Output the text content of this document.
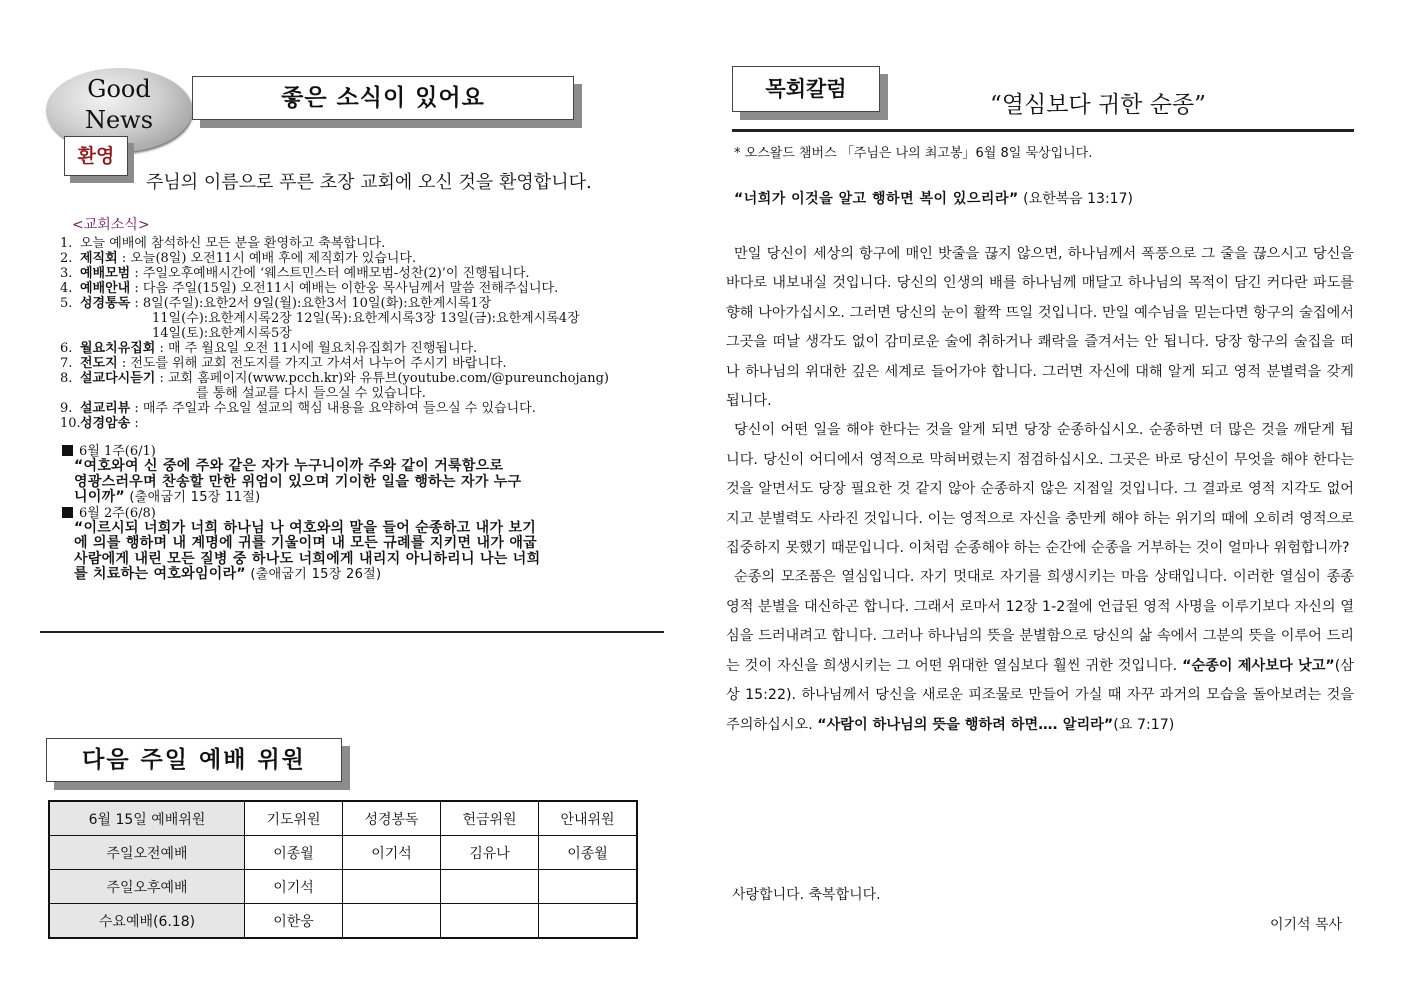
Good
News
좋은 소식이 있어요
환영
주님의 이름으로 푸른 초장 교회에 오신 것을 환영합니다.
<교회소식>
1. 오늘 예배에 참석하신 모든 분을 환영하고 축복합니다.
2. 제직회 : 오늘(8일) 오전11시 예배 후에 제직회가 있습니다.
3. 예배모범 : 주일오후예배시간에 ‘웨스트민스터 예배모범-성찬(2)’이 진행됩니다.
4. 예배안내 : 다음 주일(15일) 오전11시 예배는 이한웅 목사님께서 말씀 전해주십니다.
5. 성경통독 : 8일(주일):요한2서 9일(월):요한3서 10일(화):요한계시록1장
11일(수):요한계시록2장 12일(목):요한계시록3장 13일(금):요한계시록4장
14일(토):요한계시록5장
6. 월요치유집회 : 매 주 월요일 오전 11시에 월요치유집회가 진행됩니다.
7. 전도지 : 전도를 위해 교회 전도지를 가지고 가셔서 나누어 주시기 바랍니다.
8. 설교다시듣기 : 교회 홈페이지(www.pcch.kr)와 유튜브(youtube.com/@pureunchojang)
를 통해 설교를 다시 들으실 수 있습니다.
9. 설교리뷰 : 매주 주일과 수요일 설교의 핵심 내용을 요약하여 들으실 수 있습니다.
10.성경암송 :
6월 1주(6/1)

“여호와여 신 중에 주와 같은 자가 누구니이까 주와 같이 거룩함으로
영광스러우며 찬송할 만한 위엄이 있으며 기이한 일을 행하는 자가 누구
니이까” (출애굽기 15장 11절)

6월 2주(6/8)

“이르시되 너희가 너희 하나님 나 여호와의 말을 들어 순종하고 내가 보기
에 의를 행하며 내 계명에 귀를 기울이며 내 모든 규례를 지키면 내가 애굽
사람에게 내린 모든 질병 중 하나도 너희에게 내리지 아니하리니 나는 너희
를 치료하는 여호와임이라” (출애굽기 15장 26절)

다음 주일 예배 위원
6월 15일 예배위원	기도위원	성경봉독	헌금위원	안내위원
주일오전예배	이종월	이기석	김유나	이종월
주일오후예배	이기석			
수요예배(6.18)	이한웅			
목회칼럼
“열심보다 귀한 순종”
* 오스왈드 챔버스 「주님은 나의 최고봉」6월 8일 묵상입니다.
“너희가 이것을 알고 행하면 복이 있으리라” (요한복음 13:17)

만일 당신이 세상의 항구에 매인 밧줄을 끊지 않으면, 하나님께서 폭풍으로 그 줄을 끊으시고 당신을 바다로 내보내실 것입니다. 당신의 인생의 배를 하나님께 매달고 하나님의 목적이 담긴 커다란 파도를 향해 나아가십시오. 그러면 당신의 눈이 활짝 뜨일 것입니다. 만일 예수님을 믿는다면 항구의 술집에서 그곳을 떠날 생각도 없이 감미로운 술에 취하거나 쾌락을 즐겨서는 안 됩니다. 당장 항구의 술집을 떠나 하나님의 위대한 깊은 세계로 들어가야 합니다. 그러면 자신에 대해 알게 되고 영적 분별력을 갖게 됩니다.

당신이 어떤 일을 해야 한다는 것을 알게 되면 당장 순종하십시오. 순종하면 더 많은 것을 깨닫게 됩니다. 당신이 어디에서 영적으로 막혀버렸는지 점검하십시오. 그곳은 바로 당신이 무엇을 해야 한다는 것을 알면서도 당장 필요한 것 같지 않아 순종하지 않은 지점일 것입니다. 그 결과로 영적 지각도 없어지고 분별력도 사라진 것입니다. 이는 영적으로 자신을 충만케 해야 하는 위기의 때에 오히려 영적으로 집중하지 못했기 때문입니다. 이처럼 순종해야 하는 순간에 순종을 거부하는 것이 얼마나 위험합니까?

순종의 모조품은 열심입니다. 자기 멋대로 자기를 희생시키는 마음 상태입니다. 이러한 열심이 종종 영적 분별을 대신하곤 합니다. 그래서 로마서 12장 1-2절에 언급된 영적 사명을 이루기보다 자신의 열심을 드러내려고 합니다. 그러나 하나님의 뜻을 분별함으로 당신의 삶 속에서 그분의 뜻을 이루어 드리는 것이 자신을 희생시키는 그 어떤 위대한 열심보다 훨씬 귀한 것입니다. “순종이 제사보다 낫고”(삼상 15:22). 하나님께서 당신을 새로운 피조물로 만들어 가실 때 자꾸 과거의 모습을 돌아보려는 것을 주의하십시오. “사람이 하나님의 뜻을 행하려 하면…. 알리라”(요 7:17)

사랑합니다. 축복합니다.
이기석 목사
